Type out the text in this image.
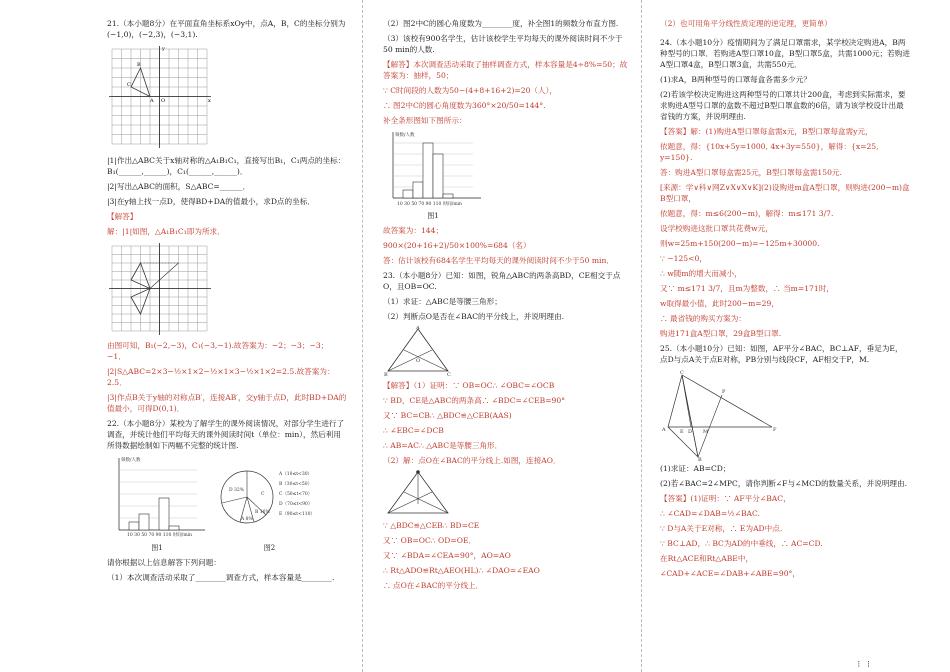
21.（本小题8分）在平面直角坐标系xOy中，点A，B，C的坐标分别为(−1,0)，(−2,3)，(−3,1).

B
C
A O	x
y

|1|作出△ABC关于x轴对称的△A₁B₁C₁，直接写出B₁，C₁两点的坐标：B₁(______,______)，C₁(______,______)．

|2|写出△ABC的面积，S△ABC=______．

|3|在y轴上找一点D，使得BD+DA的值最小，求D点的坐标．

【解答】

解：|1|如图，△A₁B₁C₁即为所求．

由图可知，B₁(−2,−3)，C₁(−3,−1).故答案为：−2；−3；−3；−1．

|2|S△ABC=2×3−½×1×2−½×1×3−½×1×2=2.5.故答案为：2.5．

|3|作点B关于y轴的对称点B′，连接AB′，交y轴于点D，此时BD+DA的值最小，可得D(0,1)．

22.（本小题8分）某校为了解学生的课外阅读情况，对部分学生进行了调查，并统计他们平均每天的课外阅读时间t（单位：min），然后利用所得数据绘制如下两幅不完整的统计图.

10 30 50 70 90 110 时间/min
频数/人数
图1
D 32%
C
B 16%
A 8%
A（10≤t<30）
B（30≤t<50）
C（50≤t<70）
D（70≤t<90）
E（90≤t<110）
图2

请你根据以上信息解答下列问题：

（1）本次调查活动采取了________调查方式，样本容量是________.

（2）图2中C的圆心角度数为________度，补全图1的频数分布直方图.

（3）该校有900名学生，估计该校学生平均每天的课外阅读时间不少于50 min的人数.

【解答】本次调查活动采取了抽样调查方式，样本容量是4÷8%=50；故答案为：抽样，50；

∵ C时间段的人数为50−(4+8+16+2)=20（人），

∴ 图2中C的圆心角度数为360°×20/50=144°.

补全条形图如下图所示：

10 30 50 70 90 110 时间/min
频数/人数
图1

故答案为：144；

900×(20+16+2)/50×100%=684（名）

答：估计该校有684名学生平均每天的课外阅读时间不少于50 min．

23.（本小题8分）已知：如图，锐角△ABC的两条高BD，CE相交于点O，且OB=OC.

（1）求证：△ABC是等腰三角形；

（2）判断点O是否在∠BAC的平分线上，并说明理由.

A
B	C
O

【解答】（1）证明：∵ OB=OC∴ ∠OBC=∠OCB

∵ BD，CE是△ABC的两条高∴ ∠BDC=∠CEB=90°

又∵ BC=CB∴ △BDC≌△CEB(AAS)

∴ ∠EBC=∠DCB

∴ AB=AC∴ △ABC是等腰三角形．

（2）解：点O在∠BAC的平分线上.如图，连接AO．

∵ △BDC≌△CEB∴ BD=CE

又∵ OB=OC∴ OD=OE．

又∵ ∠BDA=∠CEA=90°，AO=AO

∴ Rt△ADO≌Rt△AEO(HL)∴ ∠DAO=∠EAO

∴ 点O在∠BAC的平分线上．

（2）也可用角平分线性质定理的逆定理，更简单）

24.（本小题10分）疫情期间为了满足口罩需求，某学校决定购进A，B两种型号的口罩．若购进A型口罩10盒，B型口罩5盒，共需1000元；若购进A型口罩4盒，B型口罩3盒，共需550元．

(1)求A，B两种型号的口罩每盒各需多少元？

(2)若该学校决定购进这两种型号的口罩共计200盒，考虑到实际需求，要求购进A型号口罩的盒数不超过B型口罩盒数的6倍，请为该学校设计出最省钱的方案，并说明理由.

【答案】解：(1)购进A型口罩每盒需x元，B型口罩每盒需y元，

依题意，得：{10x+5y=1000, 4x+3y=550}，解得：{x=25, y=150}.

答：购进A型口罩每盒需25元，B型口罩每盒需150元.

[来源：学∨科∨网Z∨X∨X∨K](2)设购进m盒A型口罩，则购进(200−m)盒B型口罩，

依题意，得：m≤6(200−m)，解得：m≤171 3/7.

设学校购进这批口罩共花费w元，

则w=25m+150(200−m)=−125m+30000.

∵ −125<0，

∴ w随m的增大而减小，

又∵ m≤171 3/7，且m为整数，∴ 当m=171时，

w取得最小值，此时200−m=29，

∴ 最省钱的购买方案为：

购进171盒A型口罩，29盒B型口罩.

25.（本小题10分）已知：如图，AF平分∠BAC，BC⊥AF，垂足为E，点D与点A关于点E对称，PB分别与线段CF，AF相交于P，M.

C
A	E D M
P
F
B

(1)求证：AB=CD；

(2)若∠BAC=2∠MPC，请你判断∠F与∠MCD的数量关系，并说明理由.

【答案】(1)证明：∵ AF平分∠BAC，

∴ ∠CAD=∠DAB=½∠BAC.

∵ D与A关于E对称，∴ E为AD中点.

∵ BC⊥AD，∴ BC为AD的中垂线，∴ AC=CD.

在Rt△ACE和Rt△ABE中，

∠CAD+∠ACE=∠DAB+∠ABE=90°，

⁝ ⁝
